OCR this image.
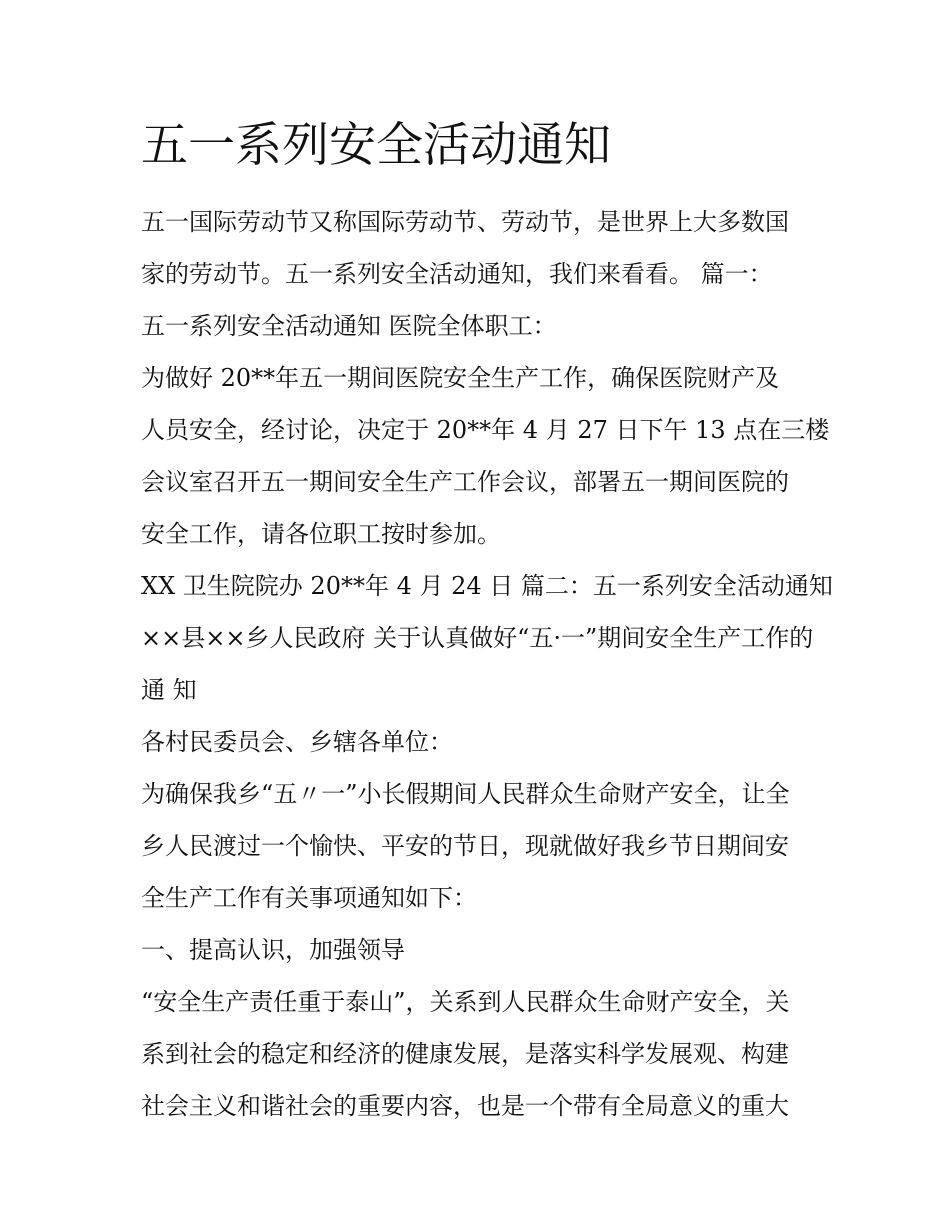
五一系列安全活动通知

五一国际劳动节又称国际劳动节、劳动节，是世界上大多数国

家的劳动节。五一系列安全活动通知，我们来看看。 篇一：

五一系列安全活动通知 医院全体职工：

为做好 20**年五一期间医院安全生产工作，确保医院财产及

人员安全，经讨论，决定于 20**年 4 月 27 日下午 13 点在三楼

会议室召开五一期间安全生产工作会议，部署五一期间医院的

安全工作，请各位职工按时参加。

XX 卫生院院办 20**年 4 月 24 日 篇二：五一系列安全活动通知

××县××乡人民政府 关于认真做好“五·一”期间安全生产工作的

通 知

各村民委员会、乡辖各单位：

为确保我乡“五〃一”小长假期间人民群众生命财产安全，让全

乡人民渡过一个愉快、平安的节日，现就做好我乡节日期间安

全生产工作有关事项通知如下：

一、提高认识，加强领导

“安全生产责任重于泰山”，关系到人民群众生命财产安全，关

系到社会的稳定和经济的健康发展，是落实科学发展观、构建

社会主义和谐社会的重要内容，也是一个带有全局意义的重大
